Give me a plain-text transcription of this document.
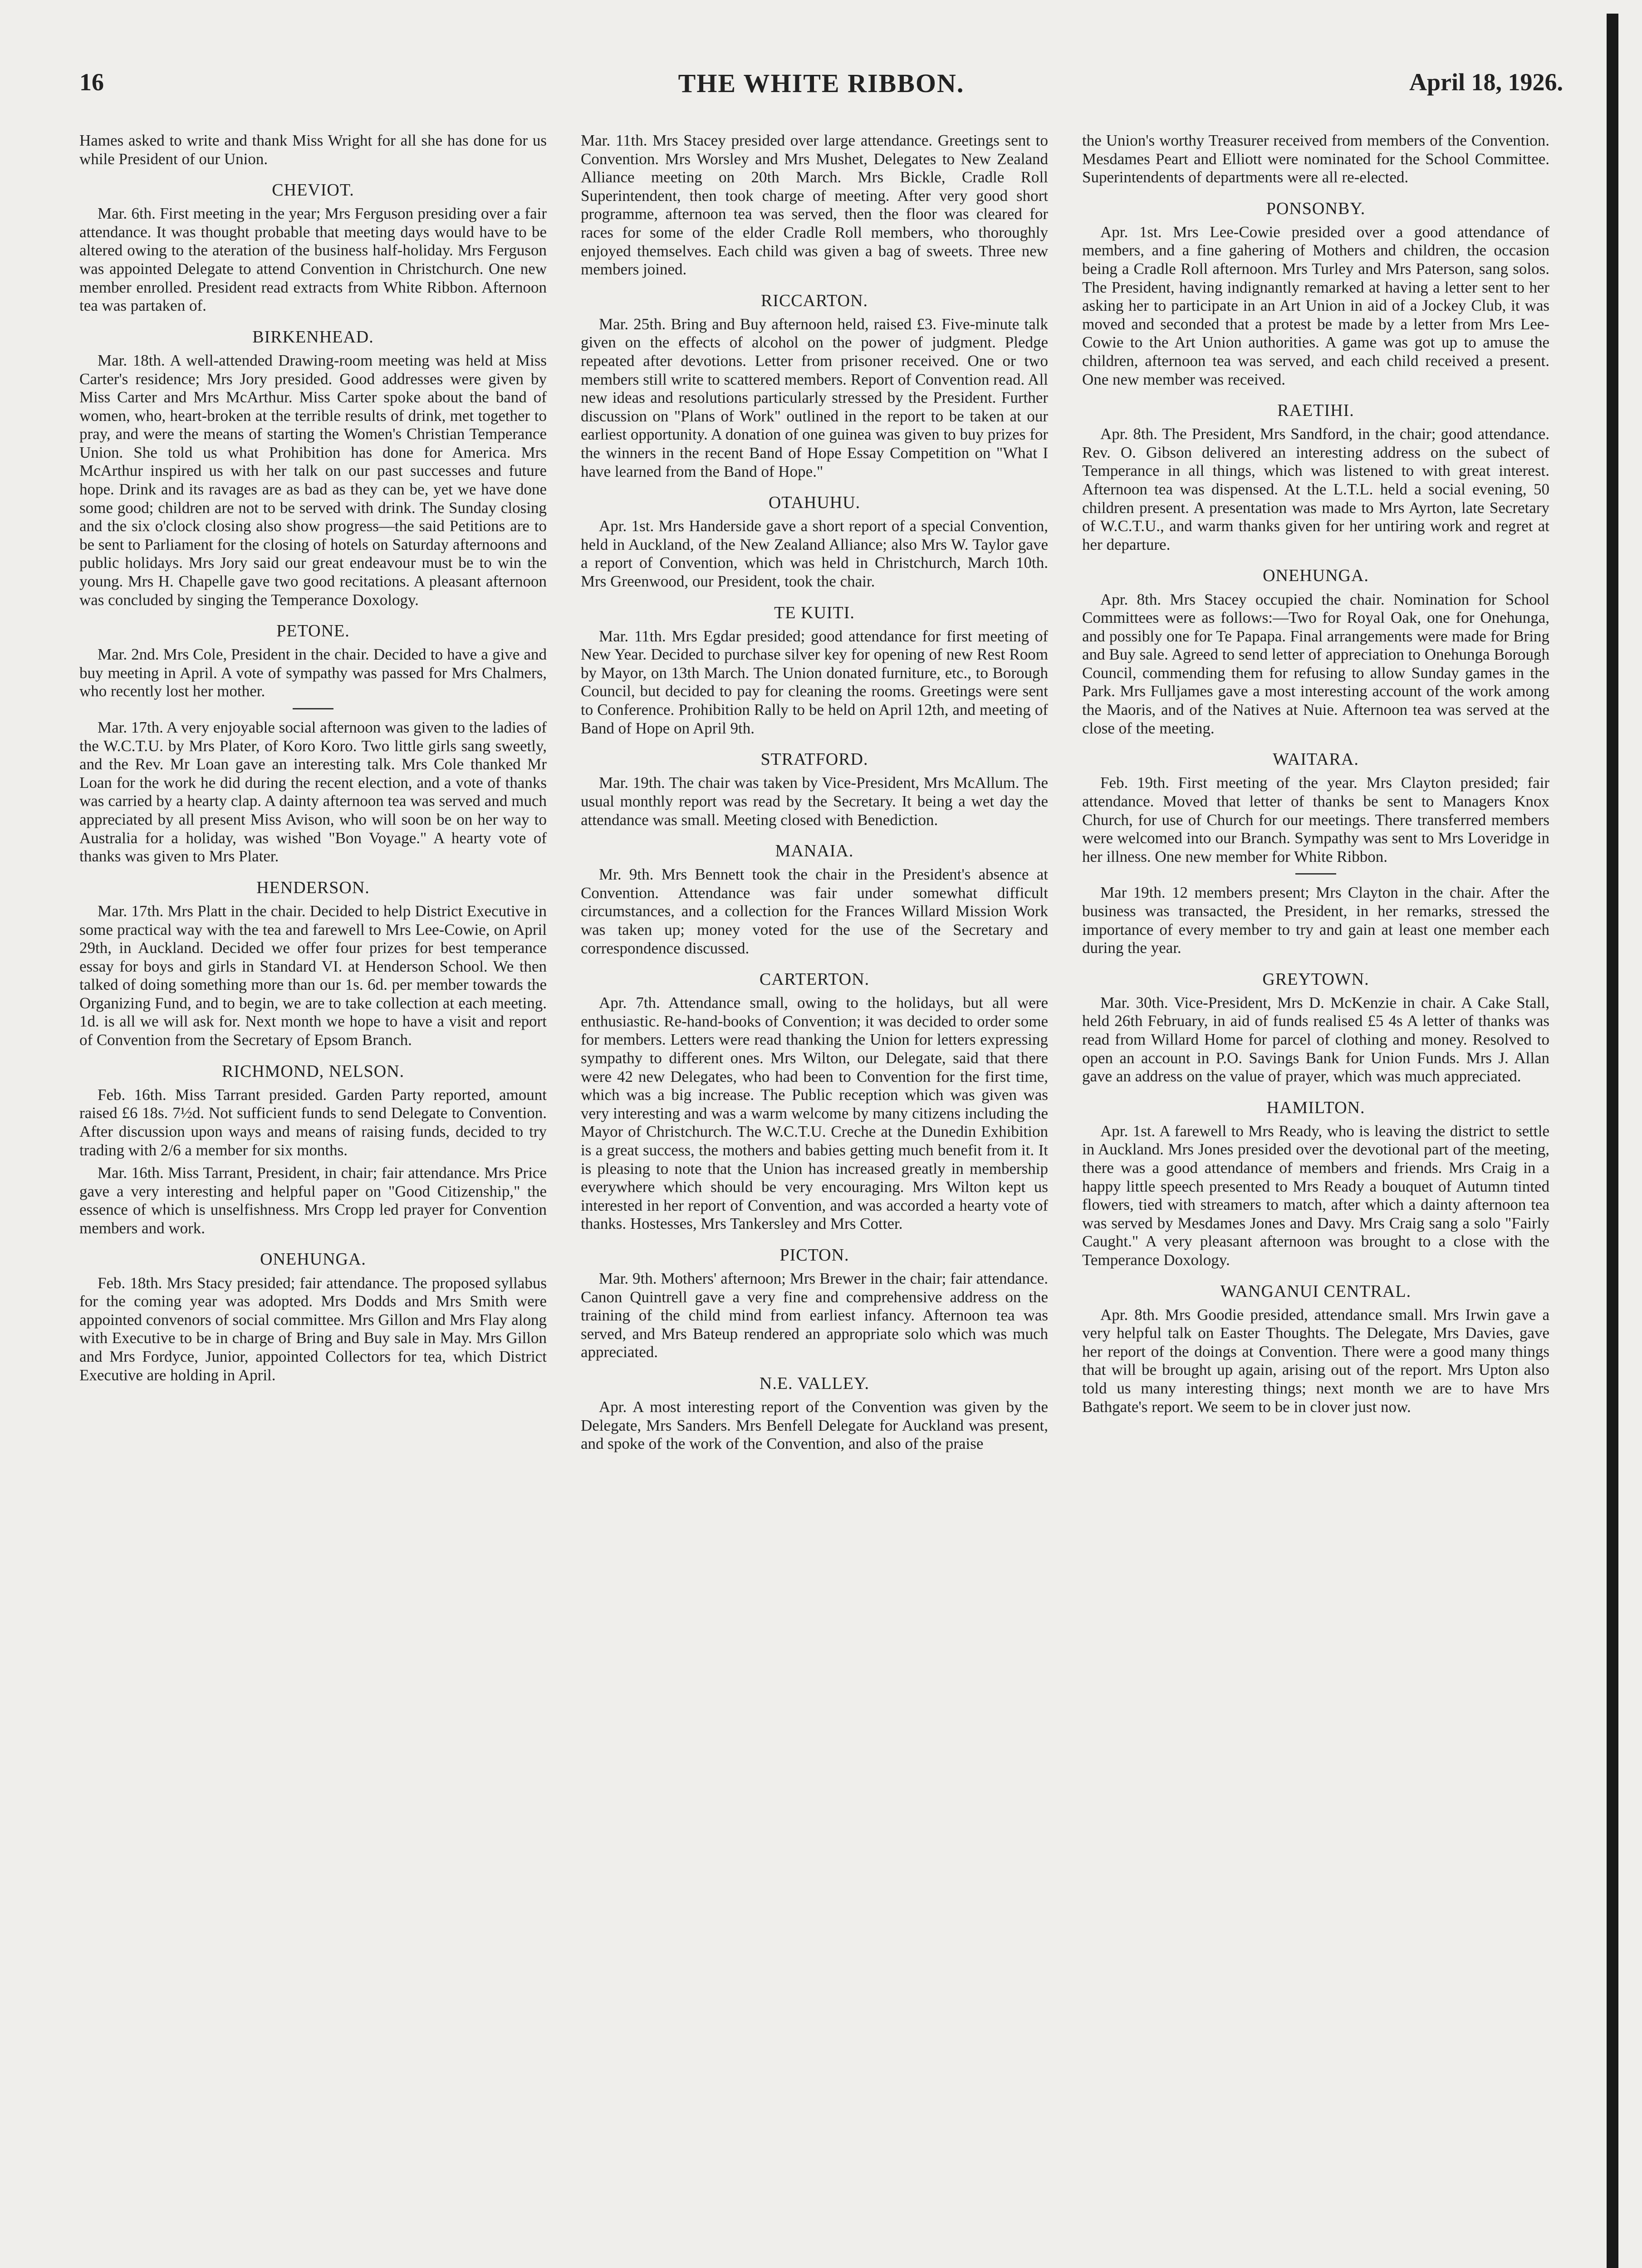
16	THE WHITE RIBBON.	April 18, 1926.

Hames asked to write and thank Miss Wright for all she has done for us while President of our Union.

CHEVIOT.

Mar. 6th. First meeting in the year; Mrs Ferguson presiding over a fair attendance. It was thought probable that meeting days would have to be altered owing to the ateration of the business half-holiday. Mrs Ferguson was appointed Delegate to attend Convention in Christchurch. One new member enrolled. President read extracts from White Ribbon. Afternoon tea was partaken of.

BIRKENHEAD.

Mar. 18th. A well-attended Drawing-room meeting was held at Miss Carter's residence; Mrs Jory presided. Good addresses were given by Miss Carter and Mrs McArthur. Miss Carter spoke about the band of women, who, heart-broken at the terrible results of drink, met together to pray, and were the means of starting the Women's Christian Temperance Union. She told us what Prohibition has done for America. Mrs McArthur inspired us with her talk on our past successes and future hope. Drink and its ravages are as bad as they can be, yet we have done some good; children are not to be served with drink. The Sunday closing and the six o'clock closing also show progress—the said Petitions are to be sent to Parliament for the closing of hotels on Saturday afternoons and public holidays. Mrs Jory said our great endeavour must be to win the young. Mrs H. Chapelle gave two good recitations. A pleasant afternoon was concluded by singing the Temperance Doxology.

PETONE.

Mar. 2nd. Mrs Cole, President in the chair. Decided to have a give and buy meeting in April. A vote of sympathy was passed for Mrs Chalmers, who recently lost her mother.

Mar. 17th. A very enjoyable social afternoon was given to the ladies of the W.C.T.U. by Mrs Plater, of Koro Koro. Two little girls sang sweetly, and the Rev. Mr Loan gave an interesting talk. Mrs Cole thanked Mr Loan for the work he did during the recent election, and a vote of thanks was carried by a hearty clap. A dainty afternoon tea was served and much appreciated by all present Miss Avison, who will soon be on her way to Australia for a holiday, was wished "Bon Voyage." A hearty vote of thanks was given to Mrs Plater.

HENDERSON.

Mar. 17th. Mrs Platt in the chair. Decided to help District Executive in some practical way with the tea and farewell to Mrs Lee-Cowie, on April 29th, in Auckland. Decided we offer four prizes for best temperance essay for boys and girls in Standard VI. at Henderson School. We then talked of doing something more than our 1s. 6d. per member towards the Organizing Fund, and to begin, we are to take collection at each meeting. 1d. is all we will ask for. Next month we hope to have a visit and report of Convention from the Secretary of Epsom Branch.

RICHMOND, NELSON.

Feb. 16th. Miss Tarrant presided. Garden Party reported, amount raised £6 18s. 7½d. Not sufficient funds to send Delegate to Convention. After discussion upon ways and means of raising funds, decided to try trading with 2/6 a member for six months.

Mar. 16th. Miss Tarrant, President, in chair; fair attendance. Mrs Price gave a very interesting and helpful paper on "Good Citizenship," the essence of which is unselfishness. Mrs Cropp led prayer for Convention members and work.

ONEHUNGA.

Feb. 18th. Mrs Stacy presided; fair attendance. The proposed syllabus for the coming year was adopted. Mrs Dodds and Mrs Smith were appointed convenors of social committee. Mrs Gillon and Mrs Flay along with Executive to be in charge of Bring and Buy sale in May. Mrs Gillon and Mrs Fordyce, Junior, appointed Collectors for tea, which District Executive are holding in April.

Mar. 11th. Mrs Stacey presided over large attendance. Greetings sent to Convention. Mrs Worsley and Mrs Mushet, Delegates to New Zealand Alliance meeting on 20th March. Mrs Bickle, Cradle Roll Superintendent, then took charge of meeting. After very good short programme, afternoon tea was served, then the floor was cleared for races for some of the elder Cradle Roll members, who thoroughly enjoyed themselves. Each child was given a bag of sweets. Three new members joined.

RICCARTON.

Mar. 25th. Bring and Buy afternoon held, raised £3. Five-minute talk given on the effects of alcohol on the power of judgment. Pledge repeated after devotions. Letter from prisoner received. One or two members still write to scattered members. Report of Convention read. All new ideas and resolutions particularly stressed by the President. Further discussion on "Plans of Work" outlined in the report to be taken at our earliest opportunity. A donation of one guinea was given to buy prizes for the winners in the recent Band of Hope Essay Competition on "What I have learned from the Band of Hope."

OTAHUHU.

Apr. 1st. Mrs Handerside gave a short report of a special Convention, held in Auckland, of the New Zealand Alliance; also Mrs W. Taylor gave a report of Convention, which was held in Christchurch, March 10th. Mrs Greenwood, our President, took the chair.

TE KUITI.

Mar. 11th. Mrs Egdar presided; good attendance for first meeting of New Year. Decided to purchase silver key for opening of new Rest Room by Mayor, on 13th March. The Union donated furniture, etc., to Borough Council, but decided to pay for cleaning the rooms. Greetings were sent to Conference. Prohibition Rally to be held on April 12th, and meeting of Band of Hope on April 9th.

STRATFORD.

Mar. 19th. The chair was taken by Vice-President, Mrs McAllum. The usual monthly report was read by the Secretary. It being a wet day the attendance was small. Meeting closed with Benediction.

MANAIA.

Mr. 9th. Mrs Bennett took the chair in the President's absence at Convention. Attendance was fair under somewhat difficult circumstances, and a collection for the Frances Willard Mission Work was taken up; money voted for the use of the Secretary and correspondence discussed.

CARTERTON.

Apr. 7th. Attendance small, owing to the holidays, but all were enthusiastic. Re-hand-books of Convention; it was decided to order some for members. Letters were read thanking the Union for letters expressing sympathy to different ones. Mrs Wilton, our Delegate, said that there were 42 new Delegates, who had been to Convention for the first time, which was a big increase. The Public reception which was given was very interesting and was a warm welcome by many citizens including the Mayor of Christchurch. The W.C.T.U. Creche at the Dunedin Exhibition is a great success, the mothers and babies getting much benefit from it. It is pleasing to note that the Union has increased greatly in membership everywhere which should be very encouraging. Mrs Wilton kept us interested in her report of Convention, and was accorded a hearty vote of thanks. Hostesses, Mrs Tankersley and Mrs Cotter.

PICTON.

Mar. 9th. Mothers' afternoon; Mrs Brewer in the chair; fair attendance. Canon Quintrell gave a very fine and comprehensive address on the training of the child mind from earliest infancy. Afternoon tea was served, and Mrs Bateup rendered an appropriate solo which was much appreciated.

N.E. VALLEY.

Apr. A most interesting report of the Convention was given by the Delegate, Mrs Sanders. Mrs Benfell Delegate for Auckland was present, and spoke of the work of the Convention, and also of the praise

the Union's worthy Treasurer received from members of the Convention. Mesdames Peart and Elliott were nominated for the School Committee. Superintendents of departments were all re-elected.

PONSONBY.

Apr. 1st. Mrs Lee-Cowie presided over a good attendance of members, and a fine gahering of Mothers and children, the occasion being a Cradle Roll afternoon. Mrs Turley and Mrs Paterson, sang solos. The President, having indignantly remarked at having a letter sent to her asking her to participate in an Art Union in aid of a Jockey Club, it was moved and seconded that a protest be made by a letter from Mrs Lee-Cowie to the Art Union authorities. A game was got up to amuse the children, afternoon tea was served, and each child received a present. One new member was received.

RAETIHI.

Apr. 8th. The President, Mrs Sandford, in the chair; good attendance. Rev. O. Gibson delivered an interesting address on the subect of Temperance in all things, which was listened to with great interest. Afternoon tea was dispensed. At the L.T.L. held a social evening, 50 children present. A presentation was made to Mrs Ayrton, late Secretary of W.C.T.U., and warm thanks given for her untiring work and regret at her departure.

ONEHUNGA.

Apr. 8th. Mrs Stacey occupied the chair. Nomination for School Committees were as follows:—Two for Royal Oak, one for Onehunga, and possibly one for Te Papapa. Final arrangements were made for Bring and Buy sale. Agreed to send letter of appreciation to Onehunga Borough Council, commending them for refusing to allow Sunday games in the Park. Mrs Fulljames gave a most interesting account of the work among the Maoris, and of the Natives at Nuie. Afternoon tea was served at the close of the meeting.

WAITARA.

Feb. 19th. First meeting of the year. Mrs Clayton presided; fair attendance. Moved that letter of thanks be sent to Managers Knox Church, for use of Church for our meetings. There transferred members were welcomed into our Branch. Sympathy was sent to Mrs Loveridge in her illness. One new member for White Ribbon.

Mar 19th. 12 members present; Mrs Clayton in the chair. After the business was transacted, the President, in her remarks, stressed the importance of every member to try and gain at least one member each during the year.

GREYTOWN.

Mar. 30th. Vice-President, Mrs D. McKenzie in chair. A Cake Stall, held 26th February, in aid of funds realised £5 4s A letter of thanks was read from Willard Home for parcel of clothing and money. Resolved to open an account in P.O. Savings Bank for Union Funds. Mrs J. Allan gave an address on the value of prayer, which was much appreciated.

HAMILTON.

Apr. 1st. A farewell to Mrs Ready, who is leaving the district to settle in Auckland. Mrs Jones presided over the devotional part of the meeting, there was a good attendance of members and friends. Mrs Craig in a happy little speech presented to Mrs Ready a bouquet of Autumn tinted flowers, tied with streamers to match, after which a dainty afternoon tea was served by Mesdames Jones and Davy. Mrs Craig sang a solo "Fairly Caught." A very pleasant afternoon was brought to a close with the Temperance Doxology.

WANGANUI CENTRAL.

Apr. 8th. Mrs Goodie presided, attendance small. Mrs Irwin gave a very helpful talk on Easter Thoughts. The Delegate, Mrs Davies, gave her report of the doings at Convention. There were a good many things that will be brought up again, arising out of the report. Mrs Upton also told us many interesting things; next month we are to have Mrs Bathgate's report. We seem to be in clover just now.
